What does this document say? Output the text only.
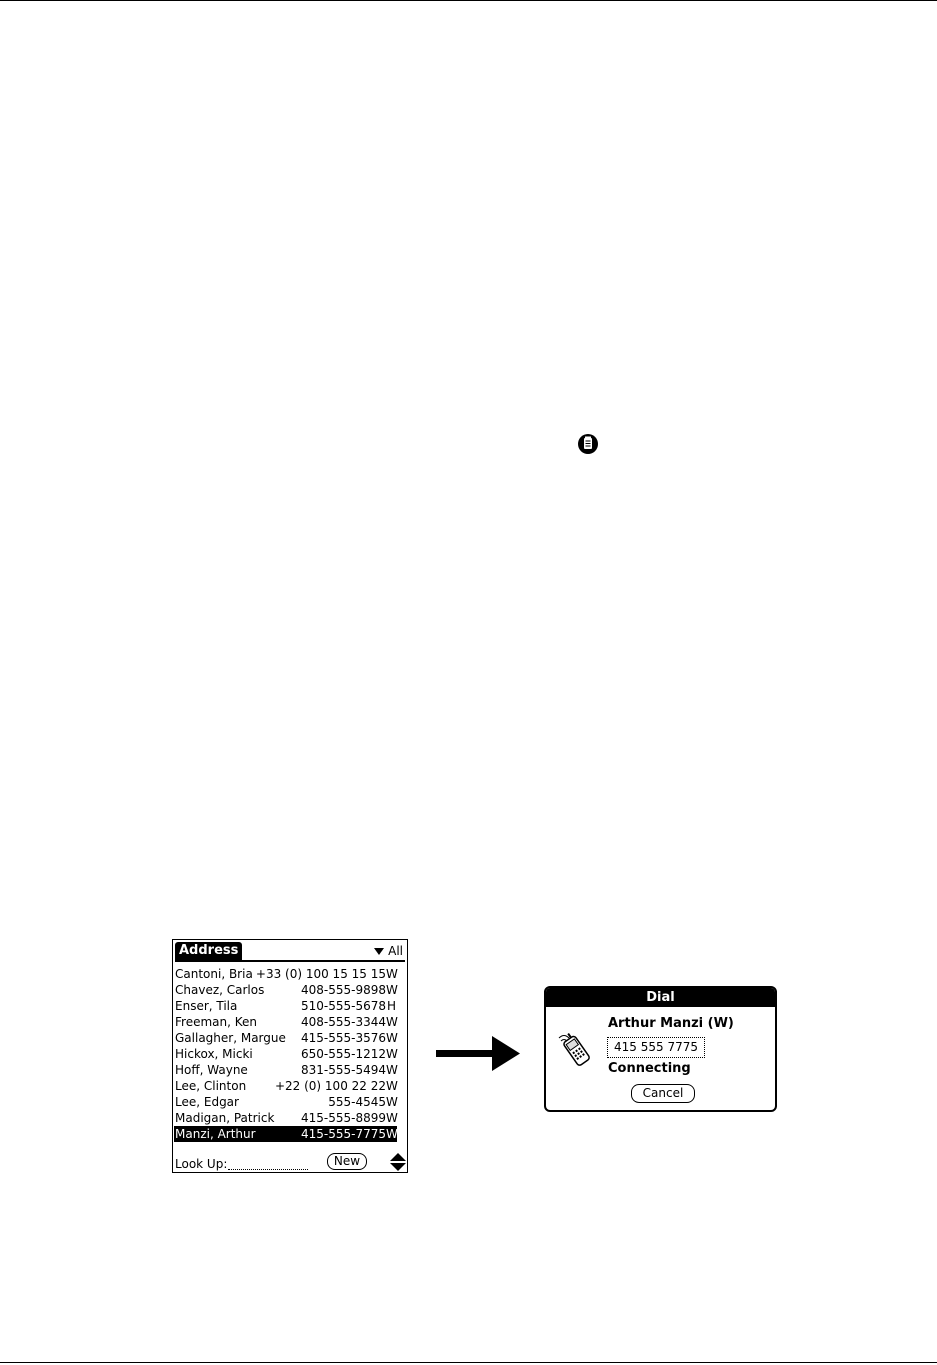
Address	All
Cantoni, Bria +33 (0) 100 15 15 15 W
Chavez, Carlos	408-555-9898 W
Enser, Tila	510-555-5678 H
Freeman, Ken	408-555-3344 W
Gallagher, Margue 415-555-3576 W
Hickox, Micki	650-555-1212 W
Hoff, Wayne	831-555-5494 W
Lee, Clinton +22 (0) 100 22 22 W
Lee, Edgar	555-4545 W
Madigan, Patrick 415-555-8899 W
Manzi, Arthur	415-555-7775 W
Look Up:	New
Dial
Arthur Manzi (W)
415 555 7775
Connecting
Cancel
